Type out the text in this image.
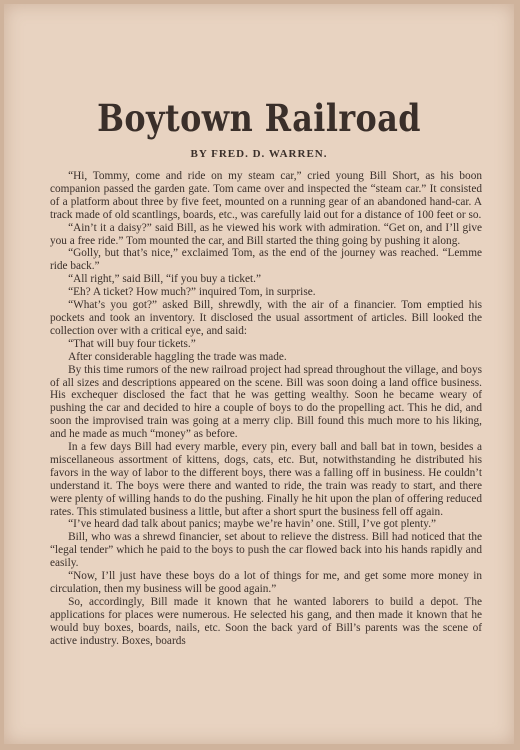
Boytown Railroad
BY FRED. D. WARREN.

“Hi, Tommy, come and ride on my steam car,” cried young Bill Short, as his boon companion passed the garden gate. Tom came over and inspected the “steam car.” It consisted of a platform about three by five feet, mounted on a running gear of an abandoned hand-car. A track made of old scantlings, boards, etc., was carefully laid out for a distance of 100 feet or so.

“Ain’t it a daisy?” said Bill, as he viewed his work with admiration. “Get on, and I’ll give you a free ride.” Tom mounted the car, and Bill started the thing going by pushing it along.

“Golly, but that’s nice,” exclaimed Tom, as the end of the journey was reached. “Lemme ride back.”

“All right,” said Bill, “if you buy a ticket.”

“Eh? A ticket? How much?” inquired Tom, in surprise.

“What’s you got?” asked Bill, shrewdly, with the air of a financier. Tom emptied his pockets and took an inventory. It disclosed the usual assortment of articles. Bill looked the collection over with a critical eye, and said:

“That will buy four tickets.”

After considerable haggling the trade was made.

By this time rumors of the new railroad project had spread throughout the village, and boys of all sizes and descriptions appeared on the scene. Bill was soon doing a land office business. His exchequer disclosed the fact that he was getting wealthy. Soon he became weary of pushing the car and decided to hire a couple of boys to do the propelling act. This he did, and soon the improvised train was going at a merry clip. Bill found this much more to his liking, and he made as much “money” as before.

In a few days Bill had every marble, every pin, every ball and ball bat in town, besides a miscellaneous assortment of kittens, dogs, cats, etc. But, notwithstanding he distributed his favors in the way of labor to the different boys, there was a falling off in business. He couldn’t understand it. The boys were there and wanted to ride, the train was ready to start, and there were plenty of willing hands to do the pushing. Finally he hit upon the plan of offering reduced rates. This stimulated business a little, but after a short spurt the business fell off again.

“I’ve heard dad talk about panics; maybe we’re havin’ one. Still, I’ve got plenty.”

Bill, who was a shrewd financier, set about to relieve the distress. Bill had noticed that the “legal tender” which he paid to the boys to push the car flowed back into his hands rapidly and easily.

“Now, I’ll just have these boys do a lot of things for me, and get some more money in circulation, then my business will be good again.”

So, accordingly, Bill made it known that he wanted laborers to build a depot. The applications for places were numerous. He selected his gang, and then made it known that he would buy boxes, boards, nails, etc. Soon the back yard of Bill’s parents was the scene of active industry. Boxes, boards
